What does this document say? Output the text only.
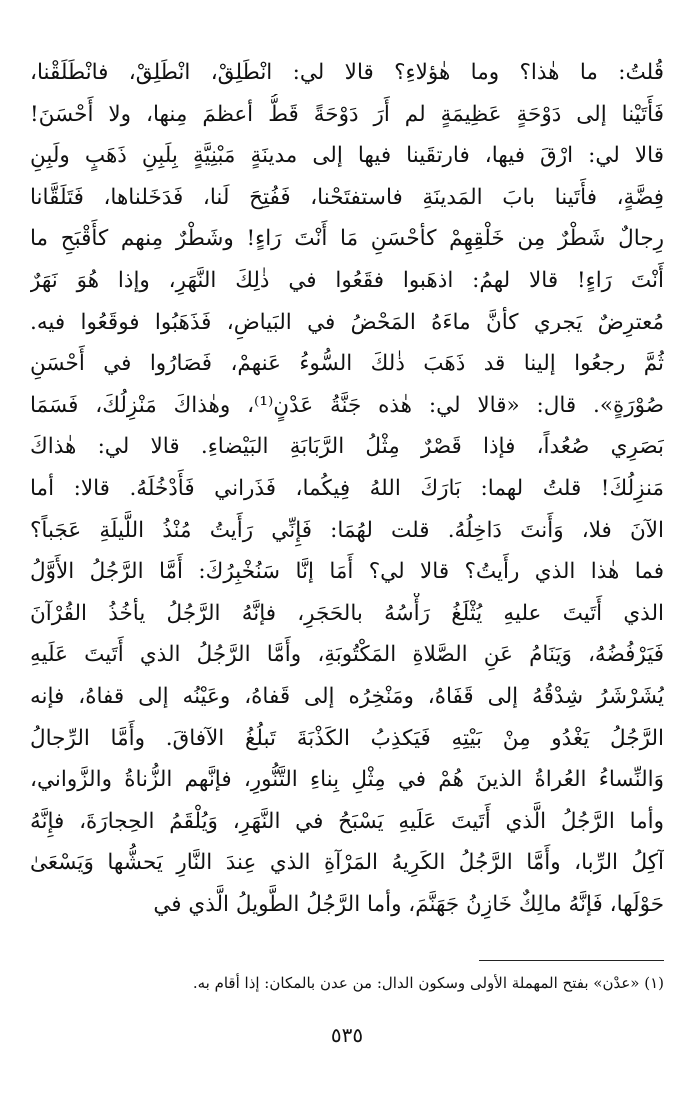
قُلتُ: ما هٰذا؟ وما هٰؤلاءِ؟ قالا لي: انْطَلِقْ، انْطَلِقْ، فانْطَلَقْنا،
فَأَتَيْنا إلى دَوْحَةٍ عَظِيمَةٍ لم أَرَ دَوْحَةً قَطُّ أعظمَ مِنها، ولا أَحْسَنَ!
قالا لي: ارْقَ فيها، فارتقَينا فيها إلى مدينَةٍ مَبْنِيَّةٍ بِلَبِنِ ذَهَبٍ ولَبِنِ
فِضَّةٍ، فأَتَينا بابَ المَدينَةِ فاستفتَحْنا، فَفُتِحَ لَنا، فَدَخَلناها، فَتَلَقَّانا
رِجالٌ شَطْرٌ مِن خَلْقِهِمْ كأحْسَنِ مَا أَنْتَ رَاءٍ! وشَطْرٌ مِنهم كأَقْبَحِ ما
أَنْتَ رَاءٍ! قالا لهمُ: اذهَبوا فقَعُوا في ذٰلِكَ النَّهَرِ، وإذا هُوَ نَهَرٌ
مُعترِضٌ يَجري كأنَّ ماءَهُ المَحْضُ في البَياضِ، فَذَهَبُوا فوقَعُوا فيه.
ثُمَّ رجعُوا إلينا قد ذَهَبَ ذٰلكَ السُّوءُ عَنهمْ، فَصَارُوا في أَحْسَنِ
صُوْرَةٍ». قال: «قالا لي: هٰذه جَنَّةُ عَدْنٍ⁽¹⁾، وهٰذاكَ مَنْزِلُكَ، فَسَمَا
بَصَرِي صُعُداً، فإذا قَصْرٌ مِثْلُ الرَّبَابَةِ البَيْضاءِ. قالا لي: هٰذاكَ
مَنزِلُكَ! قلتُ لهما: بَارَكَ اللهُ فِيكُما، فَذَراني فَأَدْخُلَهُ. قالا: أما
الآنَ فلا، وَأَنتَ دَاخِلُهُ. قلت لهُمَا: فَإِنِّي رَأَيتُ مُنْذُ اللَّيلَةِ عَجَباً؟
فما هٰذا الذي رأَيتُ؟ قالا لي؟ أَمَا إنَّا سَنُخْبِرُكَ: أَمَّا الرَّجُلُ الأَوَّلُ
الذي أَتَيتَ عليهِ يُثْلَغُ رَأْسُهُ بالحَجَرِ، فإنَّهُ الرَّجُلُ يأخُذُ القُرْآنَ
فَيَرْفُضُهُ، وَيَنَامُ عَنِ الصَّلاةِ المَكْتُوبَةِ، وأَمَّا الرَّجُلُ الذي أَتَيتَ عَلَيهِ
يُشَرْشَرُ شِدْقُهُ إلى قَفَاهُ، ومَنْخِرُه إلى قَفاهُ، وعَيْنُه إلى قفاهُ، فإنه
الرَّجُلُ يَغْدُو مِنْ بَيْتِهِ فَيَكذِبُ الكَذْبَةَ تَبلُغُ الآفاقَ. وأَمَّا الرِّجالُ
وَالنِّساءُ العُراةُ الذينَ هُمْ في مِثْلِ بِناءِ التَّنُّورِ، فإنَّهم الزُّناةُ والزَّواني،
وأما الرَّجُلُ الَّذي أَتَيتَ عَلَيهِ يَسْبَحُ في النَّهَرِ، وَيُلْقَمُ الحِجارَةَ، فإِنَّهُ
آكِلُ الرِّبا، وأَمَّا الرَّجُلُ الكَرِيهُ المَرْآةِ الذي عِندَ النَّارِ يَحشُّها وَيَسْعَىٰ
حَوْلَها، فَإنَّهُ مالِكٌ خَازِنُ جَهَنَّمَ، وأما الرَّجُلُ الطَّويلُ الَّذي في
(١) «عدْن» بفتح المهملة الأولى وسكون الدال: من عدن بالمكان: إذا أقام به.
٥٣٥
